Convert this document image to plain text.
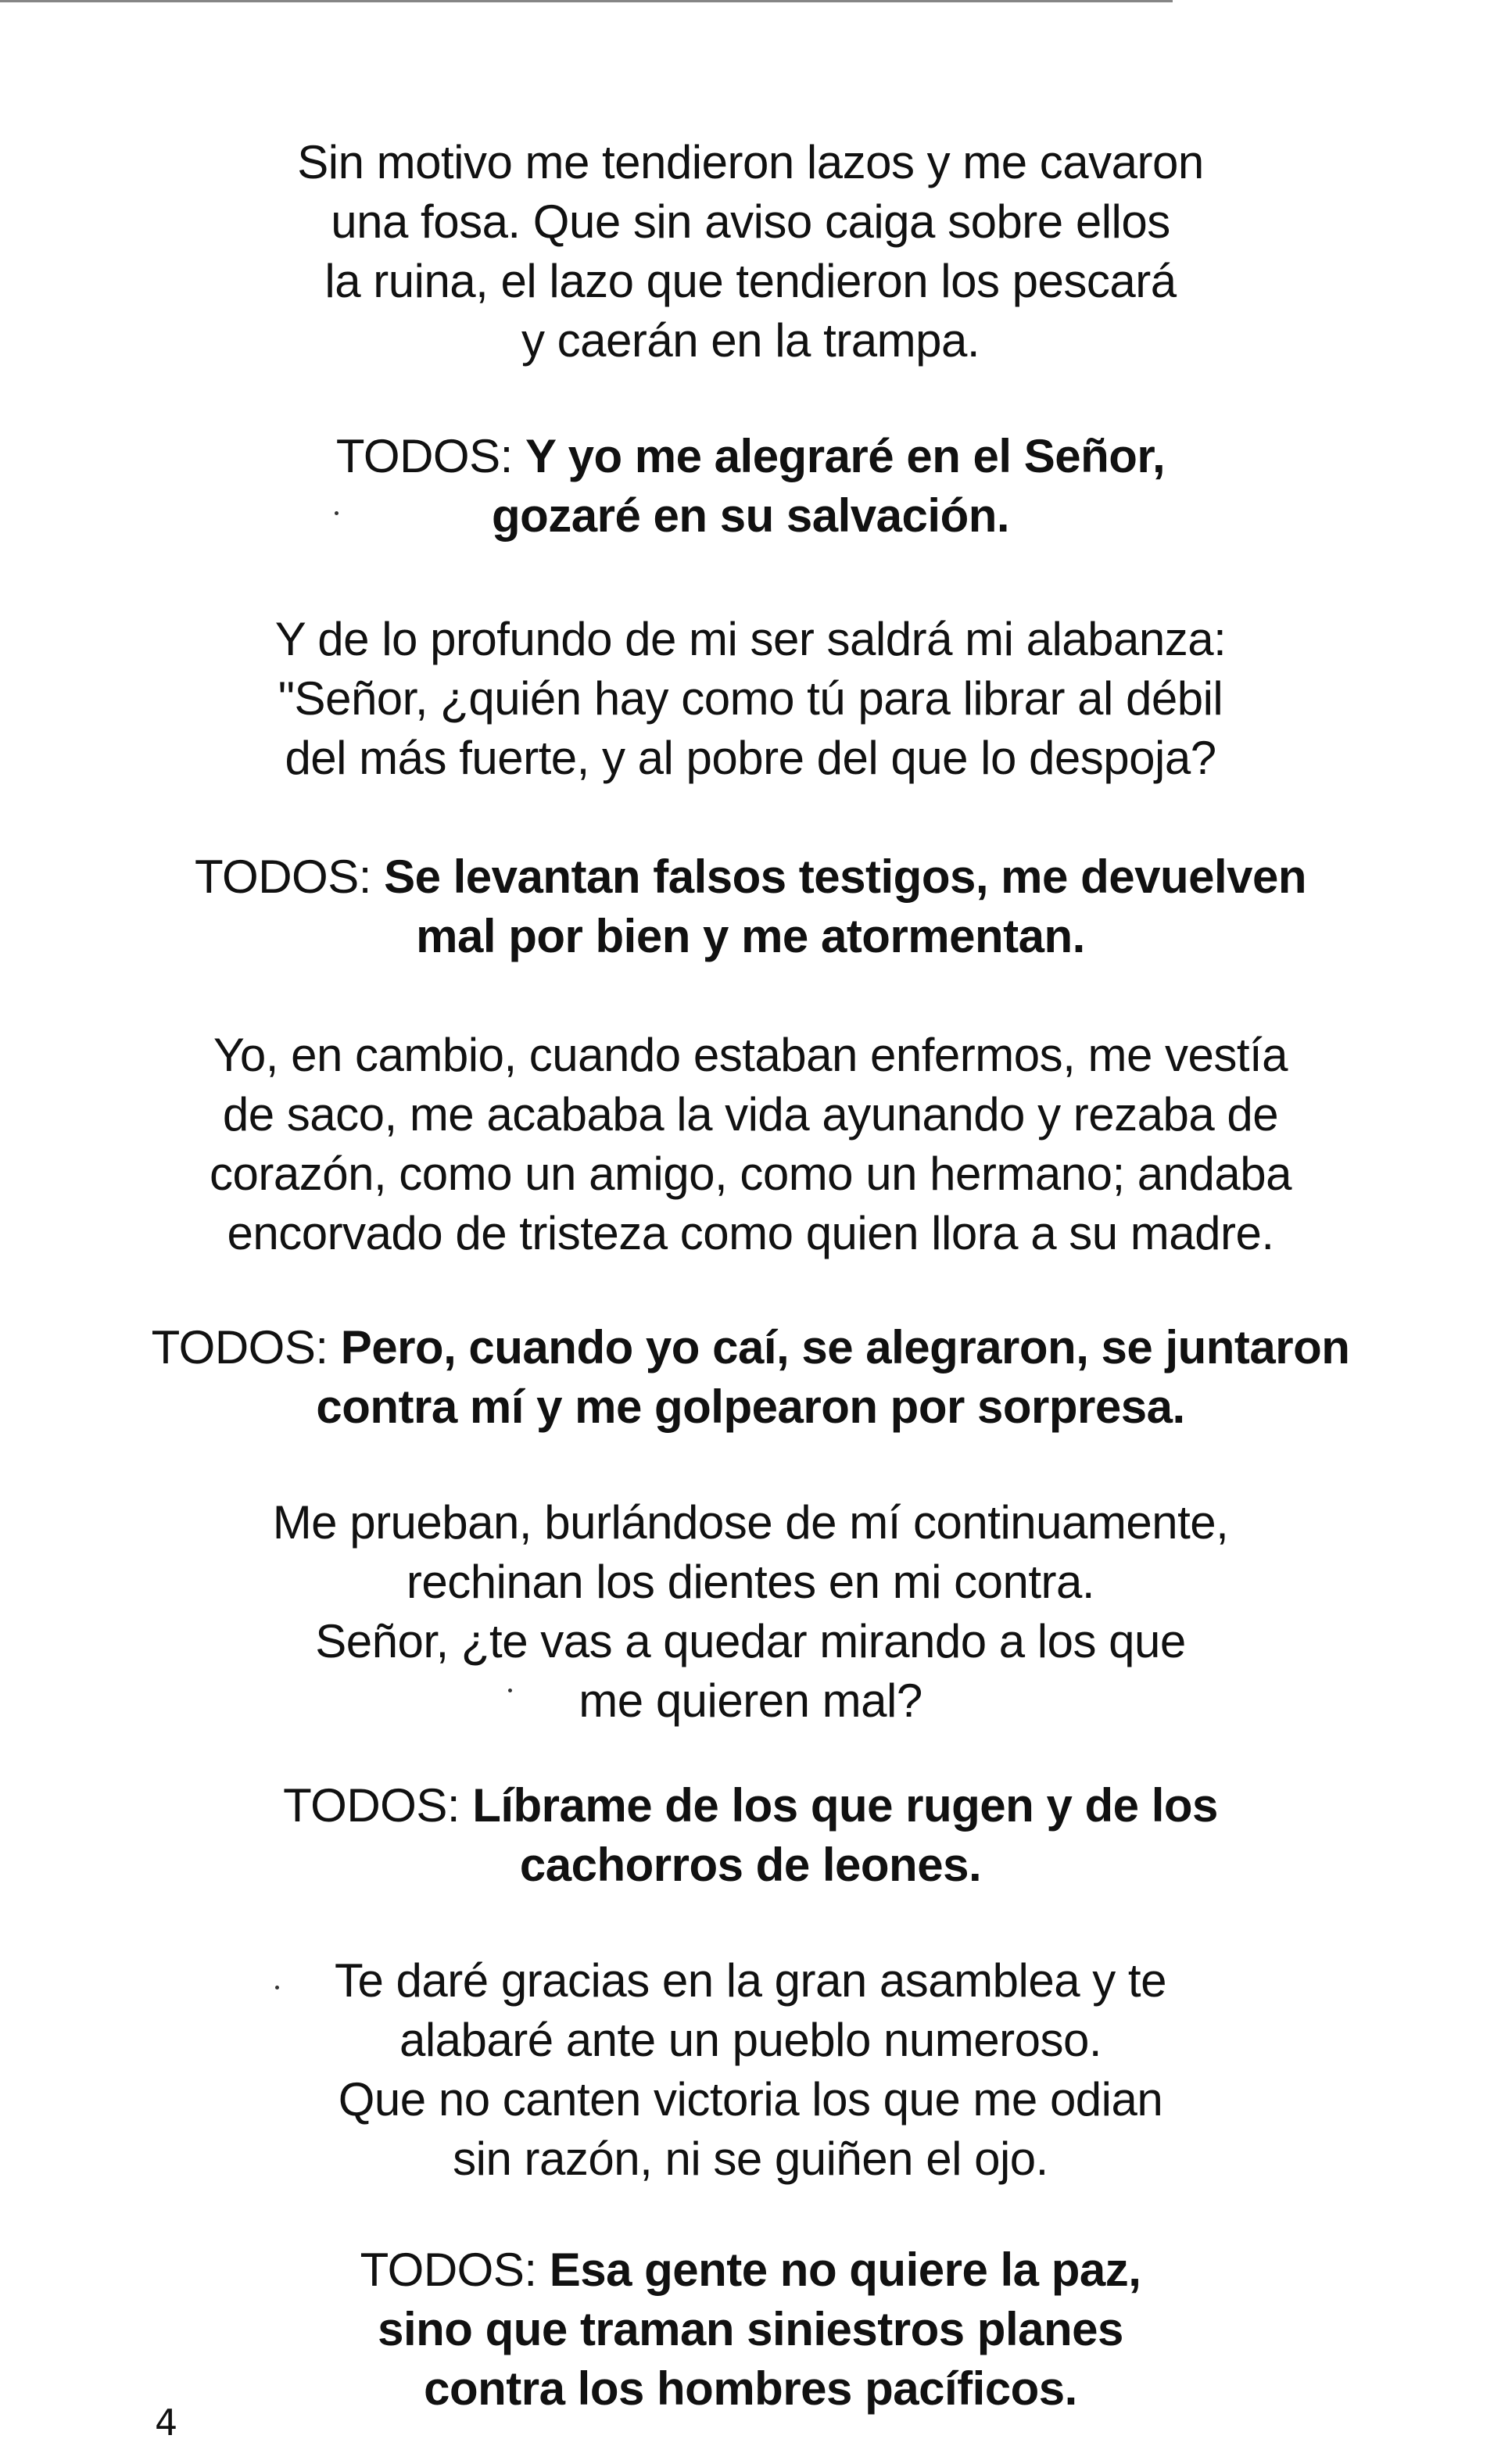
Sin motivo me tendieron lazos y me cavaron
una fosa. Que sin aviso caiga sobre ellos
la ruina, el lazo que tendieron los pescará
y caerán en la trampa.
TODOS: Y yo me alegraré en el Señor,
gozaré en su salvación.
Y de lo profundo de mi ser saldrá mi alabanza:
"Señor, ¿quién hay como tú para librar al débil
del más fuerte, y al pobre del que lo despoja?
TODOS: Se levantan falsos testigos, me devuelven
mal por bien y me atormentan.
Yo, en cambio, cuando estaban enfermos, me vestía
de saco, me acababa la vida ayunando y rezaba de
corazón, como un amigo, como un hermano; andaba
encorvado de tristeza como quien llora a su madre.
TODOS: Pero, cuando yo caí, se alegraron, se juntaron
contra mí y me golpearon por sorpresa.
Me prueban, burlándose de mí continuamente,
rechinan los dientes en mi contra.
Señor, ¿te vas a quedar mirando a los que
me quieren mal?
TODOS: Líbrame de los que rugen y de los
cachorros de leones.
Te daré gracias en la gran asamblea y te
alabaré ante un pueblo numeroso.
Que no canten victoria los que me odian
sin razón, ni se guiñen el ojo.
TODOS: Esa gente no quiere la paz,
sino que traman siniestros planes
contra los hombres pacíficos.
4
